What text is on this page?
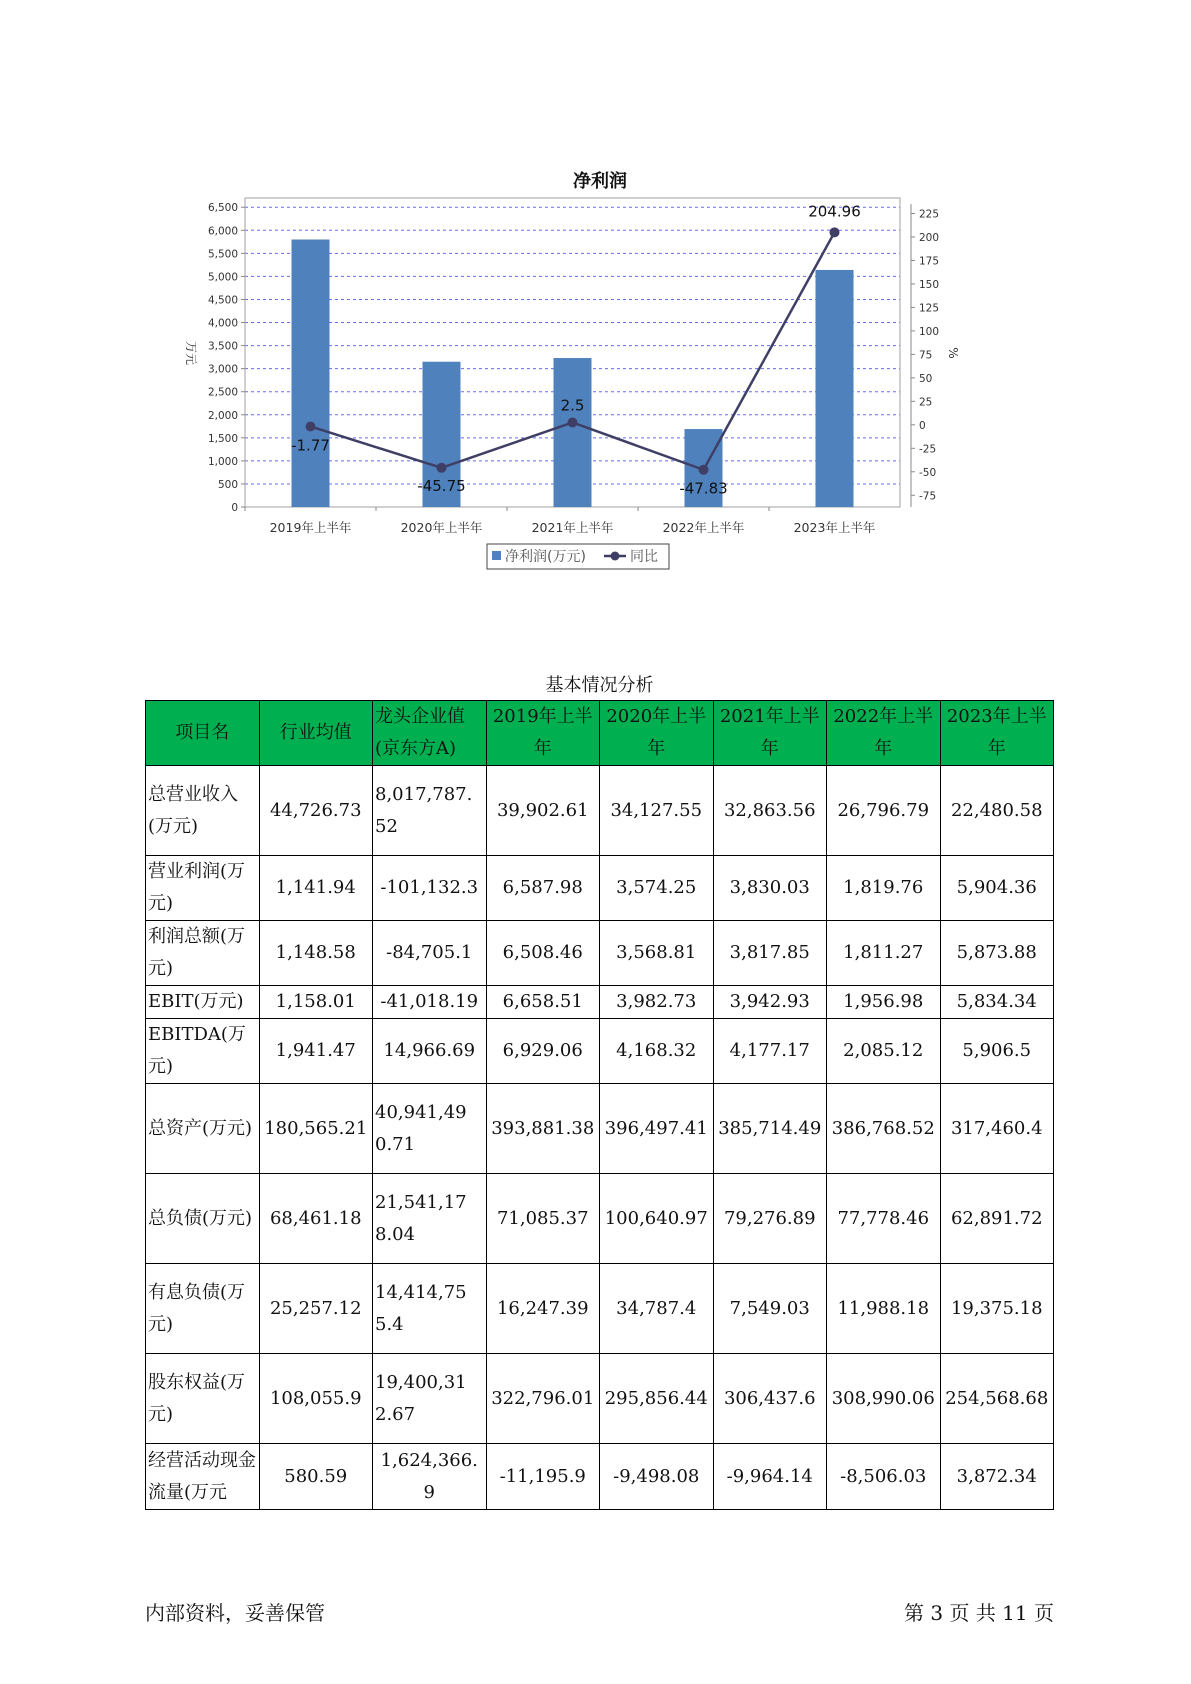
净利润
0
500
1,000
1,500
2,000
2,500
3,000
3,500
4,000
4,500
5,000
5,500
6,000
6,500
-75
-50
-25
0
25
50
75
100
125
150
175
200
225
2019年上半年	2020年上半年	2021年上半年	2022年上半年	2023年上半年
-1.77
-45.75
2.5
-47.83
204.96
万元	%
净利润(万元)	同比
基本情况分析
项目名	行业均值	龙头企业值(京东方A)	2019年上半年	2020年上半年	2021年上半年	2022年上半年	2023年上半年
总营业收入(万元)	44,726.73	8,017,787.52	39,902.61	34,127.55	32,863.56	26,796.79	22,480.58
营业利润(万元)	1,141.94	-101,132.3	6,587.98	3,574.25	3,830.03	1,819.76	5,904.36
利润总额(万元)	1,148.58	-84,705.1	6,508.46	3,568.81	3,817.85	1,811.27	5,873.88
EBIT(万元)	1,158.01	-41,018.19	6,658.51	3,982.73	3,942.93	1,956.98	5,834.34
EBITDA(万元)	1,941.47	14,966.69	6,929.06	4,168.32	4,177.17	2,085.12	5,906.5
总资产(万元)	180,565.21	40,941,490.71	393,881.38	396,497.41	385,714.49	386,768.52	317,460.4
总负债(万元)	68,461.18	21,541,178.04	71,085.37	100,640.97	79,276.89	77,778.46	62,891.72
有息负债(万元)	25,257.12	14,414,755.4	16,247.39	34,787.4	7,549.03	11,988.18	19,375.18
股东权益(万元)	108,055.9	19,400,312.67	322,796.01	295,856.44	306,437.6	308,990.06	254,568.68
经营活动现金流量(万元	580.59	1,624,366.9	-11,195.9	-9,498.08	-9,964.14	-8,506.03	3,872.34
内部资料，妥善保管	第 3 页 共 11 页
